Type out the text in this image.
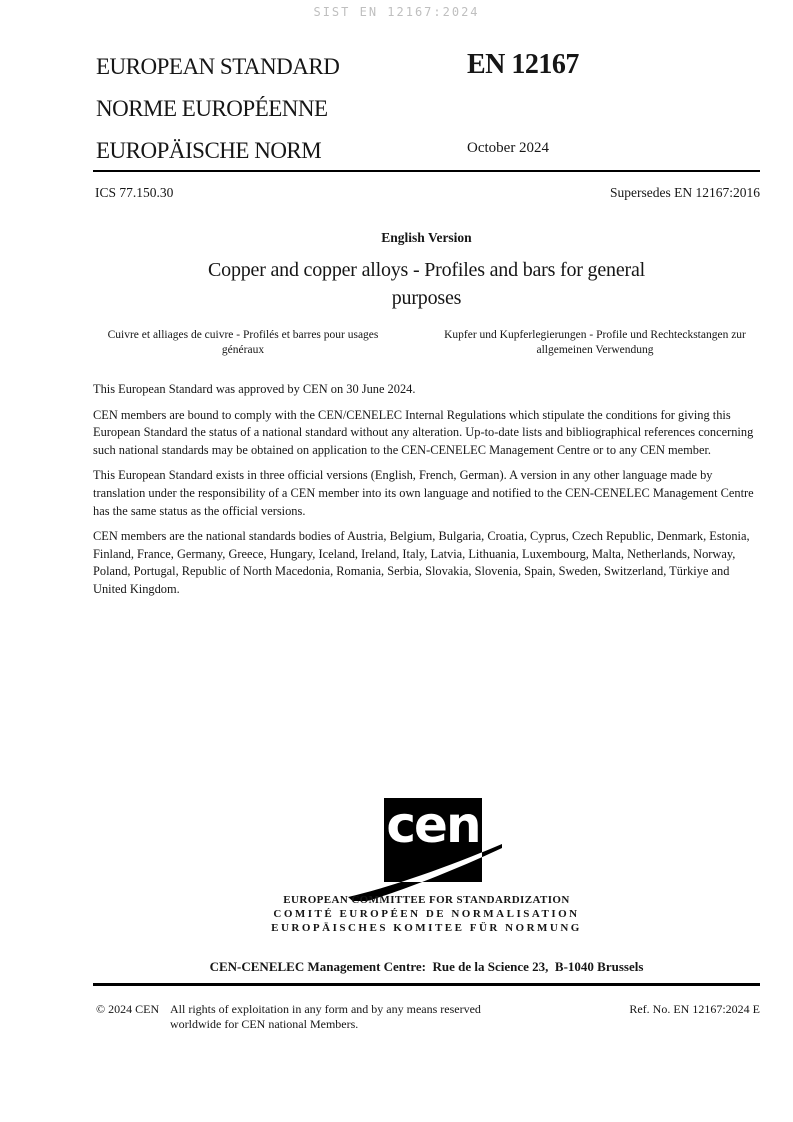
SIST EN 12167:2024
EUROPEAN STANDARD
NORME EUROPÉENNE
EUROPÄISCHE NORM
EN 12167
October 2024
ICS 77.150.30	Supersedes EN 12167:2016
English Version
Copper and copper alloys - Profiles and bars for general purposes
Cuivre et alliages de cuivre - Profilés et barres pour usages généraux
Kupfer und Kupferlegierungen - Profile und Rechteckstangen zur allgemeinen Verwendung

This European Standard was approved by CEN on 30 June 2024.

CEN members are bound to comply with the CEN/CENELEC Internal Regulations which stipulate the conditions for giving this European Standard the status of a national standard without any alteration. Up-to-date lists and bibliographical references concerning such national standards may be obtained on application to the CEN-CENELEC Management Centre or to any CEN member.

This European Standard exists in three official versions (English, French, German). A version in any other language made by translation under the responsibility of a CEN member into its own language and notified to the CEN-CENELEC Management Centre has the same status as the official versions.

CEN members are the national standards bodies of Austria, Belgium, Bulgaria, Croatia, Cyprus, Czech Republic, Denmark, Estonia, Finland, France, Germany, Greece, Hungary, Iceland, Ireland, Italy, Latvia, Lithuania, Luxembourg, Malta, Netherlands, Norway, Poland, Portugal, Republic of North Macedonia, Romania, Serbia, Slovakia, Slovenia, Spain, Sweden, Switzerland, Türkiye and United Kingdom.

cen
EUROPEAN COMMITTEE FOR STANDARDIZATION
COMITÉ EUROPÉEN DE NORMALISATION
EUROPÄISCHES KOMITEE FÜR NORMUNG
CEN-CENELEC Management Centre:  Rue de la Science 23,  B-1040 Brussels
© 2024 CEN All rights of exploitation in any form and by any means reserved worldwide for CEN national Members.
Ref. No. EN 12167:2024 E
